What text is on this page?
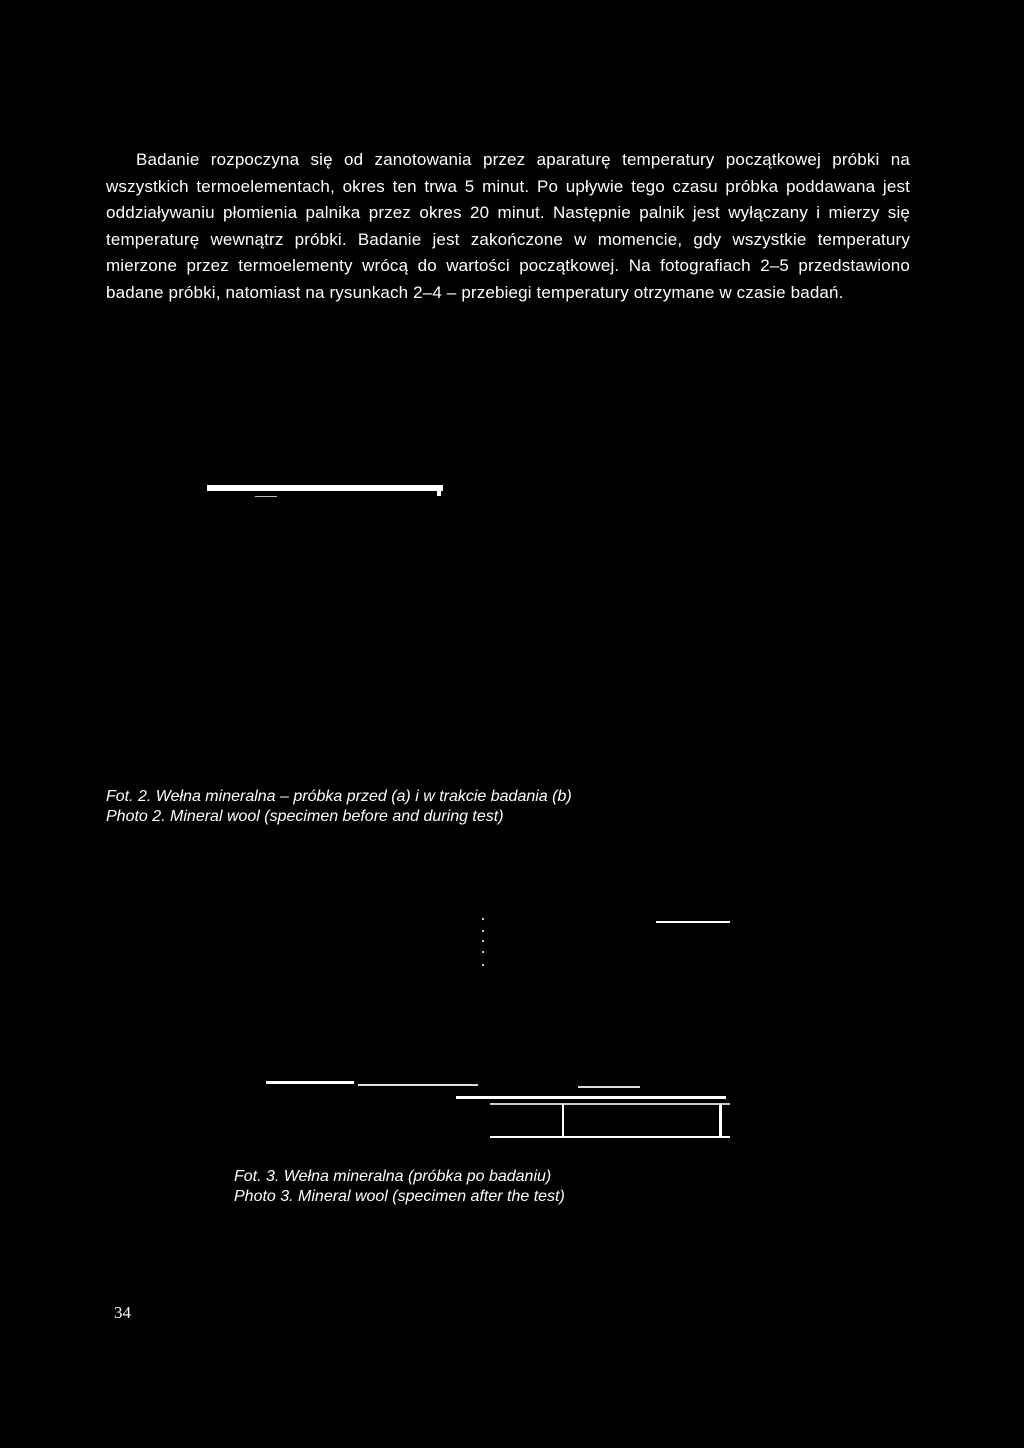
Badanie rozpoczyna się od zanotowania przez aparaturę temperatury początkowej próbki na wszystkich termoelementach, okres ten trwa 5 minut. Po upływie tego czasu próbka poddawana jest oddziaływaniu płomienia palnika przez okres 20 minut. Następnie palnik jest wyłączany i mierzy się temperaturę wewnątrz próbki. Badanie jest zakończone w momencie, gdy wszystkie temperatury mierzone przez termoelementy wrócą do wartości początkowej. Na fotografiach 2–5 przedstawiono badane próbki, natomiast na rysunkach 2–4 – przebiegi temperatury otrzymane w czasie badań.

Fot. 2. Wełna mineralna – próbka przed (a) i w trakcie badania (b)
Photo 2. Mineral wool (specimen before and during test)

Fot. 3. Wełna mineralna (próbka po badaniu)
Photo 3. Mineral wool (specimen after the test)

34
